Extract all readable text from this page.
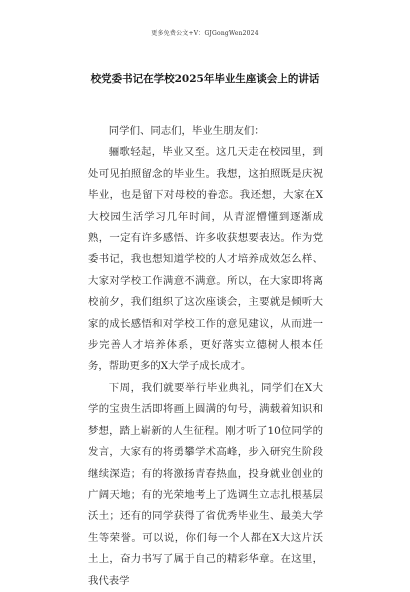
更多免费公文+V：GJGongWen2024
校党委书记在学校2025年毕业生座谈会上的讲话

同学们、同志们，毕业生朋友们：

骊歌轻起，毕业又至。这几天走在校园里，到处可见拍照留念的毕业生。我想，这拍照既是庆祝毕业，也是留下对母校的眷恋。我还想，大家在X大校园生活学习几年时间，从青涩懵懂到逐渐成熟，一定有许多感悟、许多收获想要表达。作为党委书记，我也想知道学校的人才培养成效怎么样、大家对学校工作满意不满意。所以，在大家即将离校前夕，我们组织了这次座谈会，主要就是倾听大家的成长感悟和对学校工作的意见建议，从而进一步完善人才培养体系，更好落实立德树人根本任务，帮助更多的X大学子成长成才。

下周，我们就要举行毕业典礼，同学们在X大学的宝贵生活即将画上圆满的句号，满载着知识和梦想，踏上崭新的人生征程。刚才听了10位同学的发言，大家有的将勇攀学术高峰，步入研究生阶段继续深造；有的将激扬青春热血，投身就业创业的广阔天地；有的光荣地考上了选调生立志扎根基层沃土；还有的同学获得了省优秀毕业生、最美大学生等荣誉。可以说，你们每一个人都在X大这片沃土上，奋力书写了属于自己的精彩华章。在这里，我代表学
